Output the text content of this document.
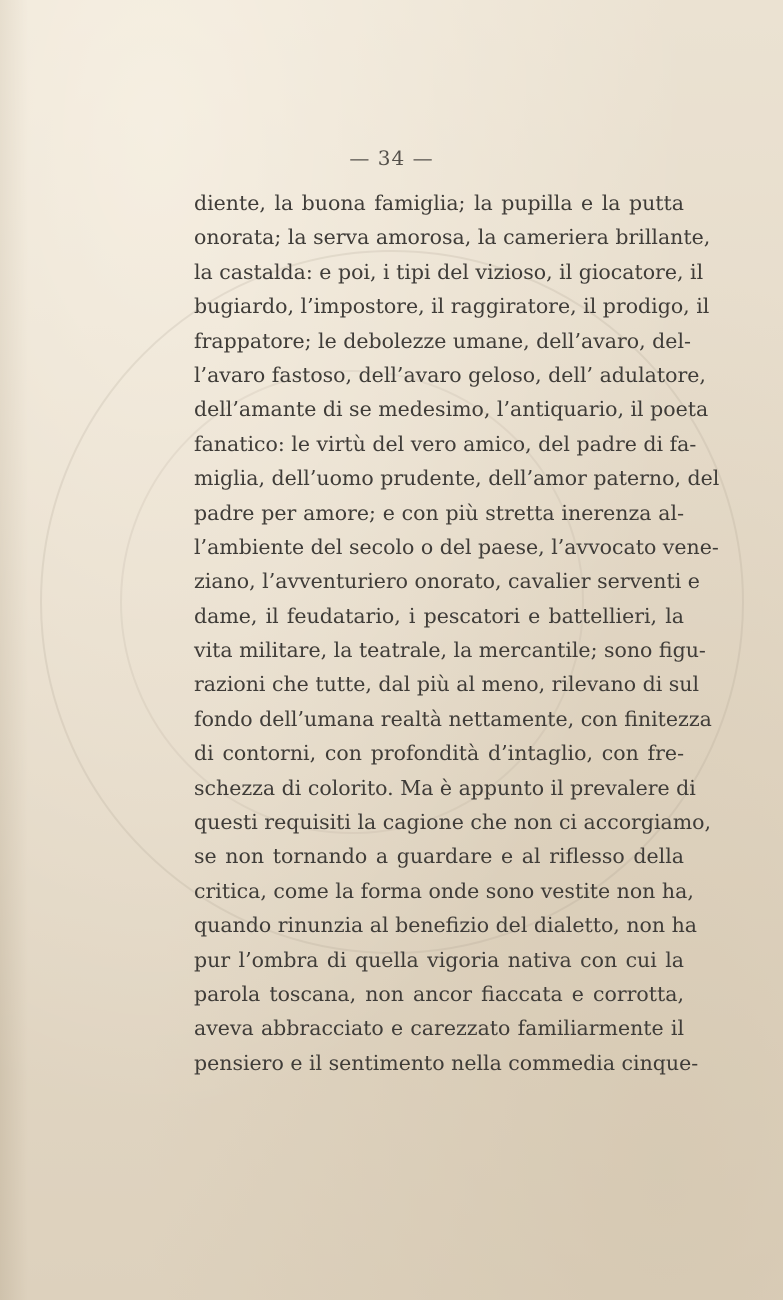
— 34 —
diente, la buona famiglia; la pupilla e la putta
onorata; la serva amorosa, la cameriera brillante,
la castalda: e poi, i tipi del vizioso, il giocatore, il
bugiardo, l’impostore, il raggiratore, il prodigo, il
frappatore; le debolezze umane, dell’avaro, del-
l’avaro fastoso, dell’avaro geloso, dell’ adulatore,
dell’amante di se medesimo, l’antiquario, il poeta
fanatico: le virtù del vero amico, del padre di fa-
miglia, dell’uomo prudente, dell’amor paterno, del
padre per amore; e con più stretta inerenza al-
l’ambiente del secolo o del paese, l’avvocato vene-
ziano, l’avventuriero onorato, cavalier serventi e
dame, il feudatario, i pescatori e battellieri, la
vita militare, la teatrale, la mercantile; sono figu-
razioni che tutte, dal più al meno, rilevano di sul
fondo dell’umana realtà nettamente, con finitezza
di contorni, con profondità d’intaglio, con fre-
schezza di colorito. Ma è appunto il prevalere di
questi requisiti la cagione che non ci accorgiamo,
se non tornando a guardare e al riflesso della
critica, come la forma onde sono vestite non ha,
quando rinunzia al benefizio del dialetto, non ha
pur l’ombra di quella vigoria nativa con cui la
parola toscana, non ancor fiaccata e corrotta,
aveva abbracciato e carezzato familiarmente il
pensiero e il sentimento nella commedia cinque-
